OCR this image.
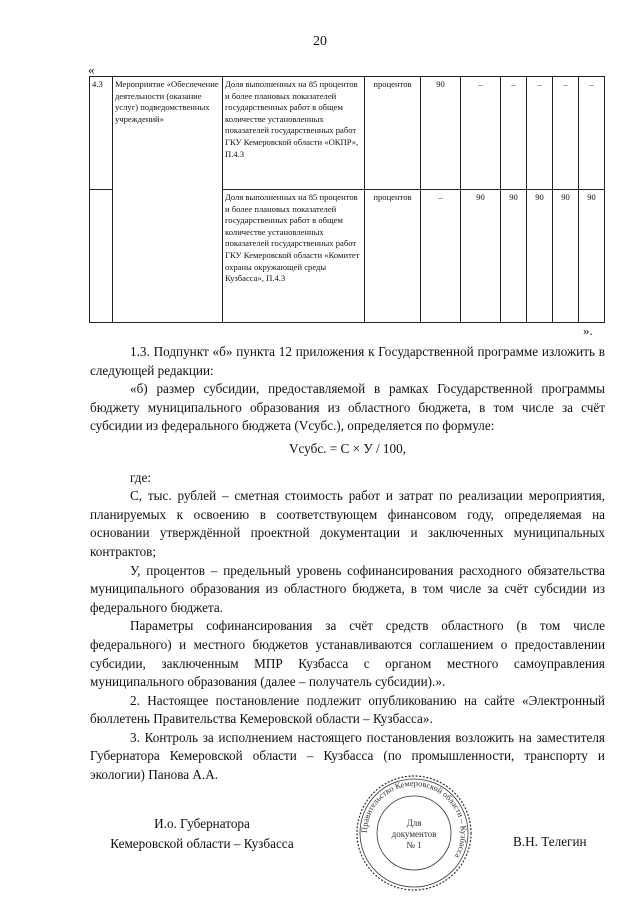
20
«
4.3	Мероприятие «Обеспечение деятельности (оказание услуг) подведомственных учреждений»	Доля выполненных на 85 процентов и более плановых показателей государственных работ в общем количестве установленных показателей государственных работ ГКУ Кемеровской области «ОКПР», П.4.3	процентов	90	–	–	–	–	–
		Доля выполненных на 85 процентов и более плановых показателей государственных работ в общем количестве установленных показателей государственных работ ГКУ Кемеровской области «Комитет охраны окружающей среды Кузбасса», П.4.3	процентов	–	90	90	90	90	90
».

1.3. Подпункт «б» пункта 12 приложения к Государственной программе изложить в следующей редакции:

«б) размер субсидии, предоставляемой в рамках Государственной программы бюджету муниципального образования из областного бюджета, в том числе за счёт субсидии из федерального бюджета (Vсубс.), определяется по формуле:

Vсубс. = С × У / 100,

где:

С, тыс. рублей – сметная стоимость работ и затрат по реализации мероприятия, планируемых к освоению в соответствующем финансовом году, определяемая на основании утверждённой проектной документации и заключенных муниципальных контрактов;

У, процентов – предельный уровень софинансирования расходного обязательства муниципального образования из областного бюджета, в том числе за счёт субсидии из федерального бюджета.

Параметры софинансирования за счёт средств областного (в том числе федерального) и местного бюджетов устанавливаются соглашением о предоставлении субсидии, заключенным МПР Кузбасса с органом местного самоуправления муниципального образования (далее – получатель субсидии).».

2. Настоящее постановление подлежит опубликованию на сайте «Электронный бюллетень Правительства Кемеровской области – Кузбасса».

3. Контроль за исполнением настоящего постановления возложить на заместителя Губернатора Кемеровской области – Кузбасса (по промышленности, транспорту и экологии) Панова А.А.

И.о. Губернатора
Кемеровской области – Кузбасса	В.Н. Телегин
Правительство Кемеровской области – Кузбасса
Для
документов
№ 1
